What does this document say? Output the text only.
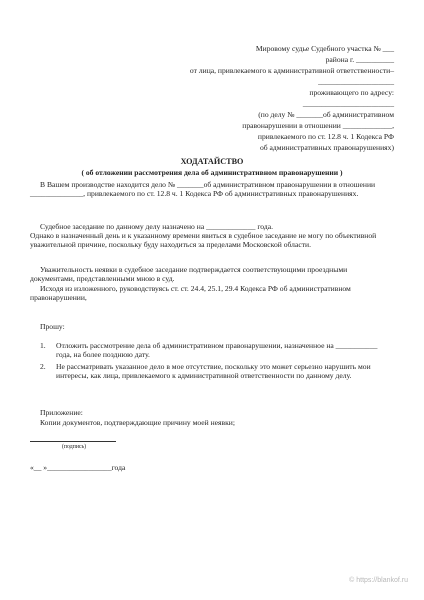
Мировому судье Судебного участка № ___
района г. __________
от лица, привлекаемого к административной ответственности–
____________________
проживающего по адресу:
________________________
(по делу № _______об административном
правонарушении в отношении _____________,
привлекаемого по ст. 12.8 ч. 1 Кодекса РФ
об административных правонарушениях)
ХОДАТАЙСТВО
( об отложении рассмотрения дела об административном правонарушении )
В Вашем производстве находится дело № _______об административном правонарушении в отношении ______________, привлекаемого по ст. 12.8 ч. 1 Кодекса РФ об административных правонарушениях.
Судебное заседание по данному делу назначено на _____________ года.
Однако в назначенный день и к указанному времени явиться в судебное заседание не могу по объективной уважительной причине, поскольку буду находиться за пределами Московской области.
Уважительность неявки в судебное заседание подтверждается соответствующими проездными документами, представленными мною в суд.
Исходя из изложенного, руководствуясь ст. ст. 24.4, 25.1, 29.4 Кодекса РФ об административном правонарушении,
Прошу:
1. Отложить рассмотрение дела об административном правонарушении, назначенное на ___________ года, на более позднюю дату.
2. Не рассматривать указанное дело в мое отсутствие, поскольку это может серьезно нарушить мои интересы, как лица, привлекаемого к административной ответственности по данному делу.
Приложение:
Копии документов, подтверждающие причину моей неявки;
(подпись)
«__ »_________________года
© https://blankof.ru
